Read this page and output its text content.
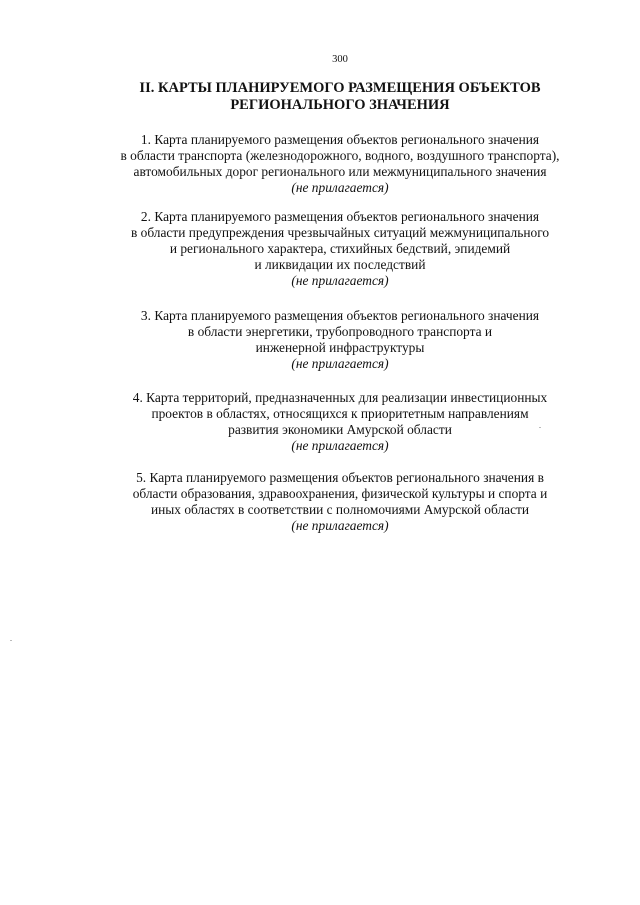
300
II. КАРТЫ ПЛАНИРУЕМОГО РАЗМЕЩЕНИЯ ОБЪЕКТОВ
РЕГИОНАЛЬНОГО ЗНАЧЕНИЯ
1. Карта планируемого размещения объектов регионального значения
в области транспорта (железнодорожного, водного, воздушного транспорта),
автомобильных дорог регионального или межмуниципального значения
(не прилагается)
2. Карта планируемого размещения объектов регионального значения
в области предупреждения чрезвычайных ситуаций межмуниципального
и регионального характера, стихийных бедствий, эпидемий
и ликвидации их последствий
(не прилагается)
3. Карта планируемого размещения объектов регионального значения
в области энергетики, трубопроводного транспорта и
инженерной инфраструктуры
(не прилагается)
4. Карта территорий, предназначенных для реализации инвестиционных
проектов в областях, относящихся к приоритетным направлениям
развития экономики Амурской области
(не прилагается)
5. Карта планируемого размещения объектов регионального значения в
области образования, здравоохранения, физической культуры и спорта и
иных областях в соответствии с полномочиями Амурской области
(не прилагается)
